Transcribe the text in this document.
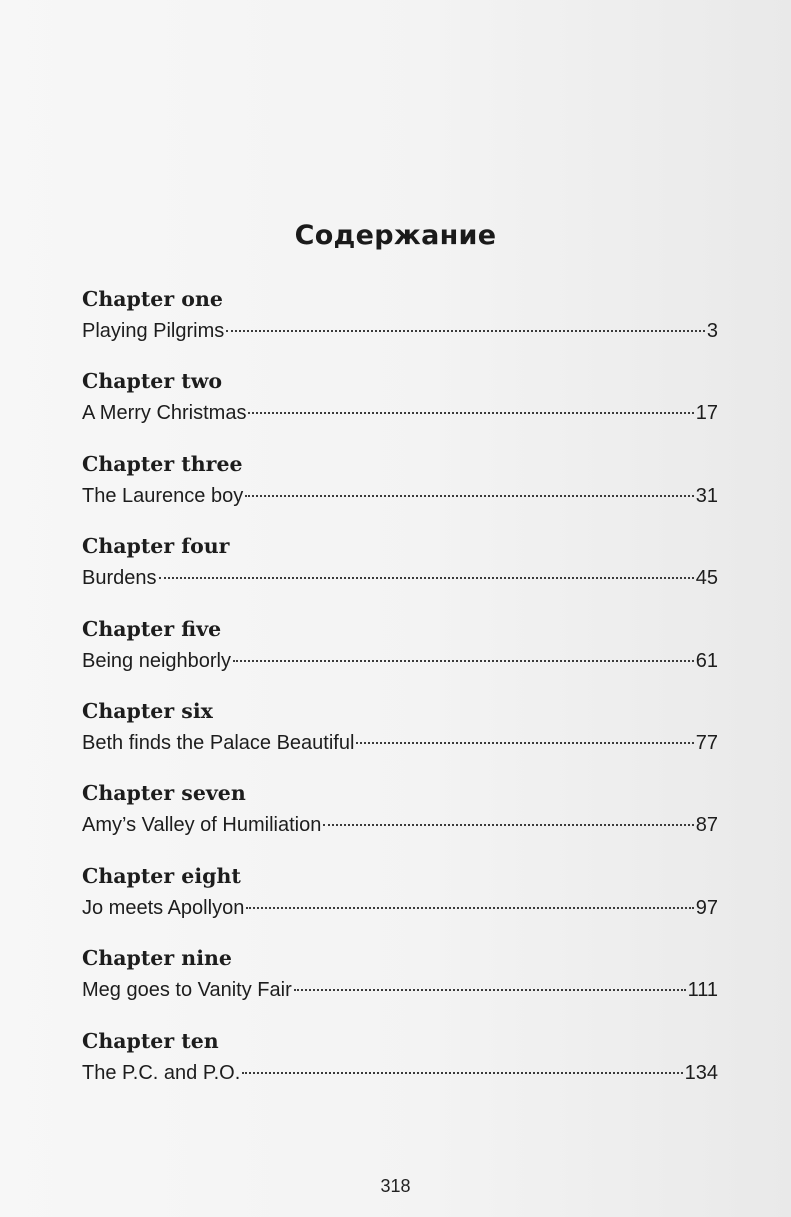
Содержание
Chapter one
Playing Pilgrims	3
Chapter two
A Merry Christmas	17
Chapter three
The Laurence boy	31
Chapter four
Burdens	45
Chapter five
Being neighborly	61
Chapter six
Beth finds the Palace Beautiful	77
Chapter seven
Amy’s Valley of Humiliation	87
Chapter eight
Jo meets Apollyon	97
Chapter nine
Meg goes to Vanity Fair	111
Chapter ten
The P.C. and P.O.	134
318
